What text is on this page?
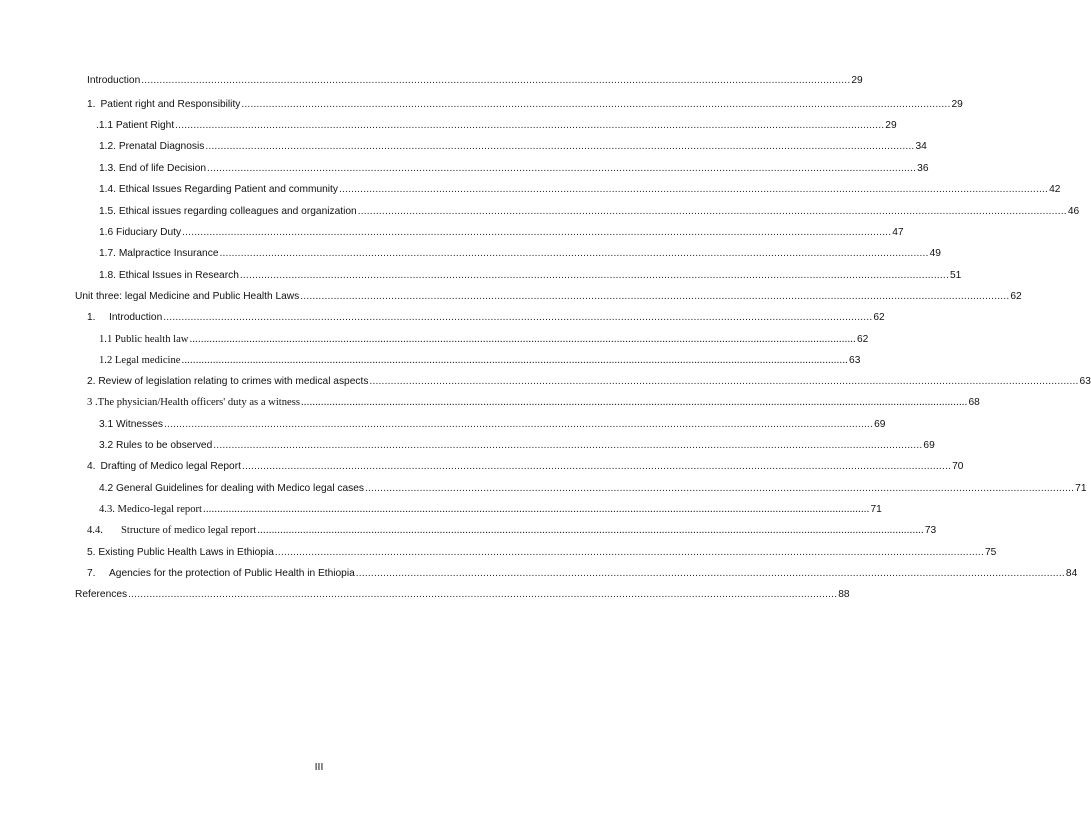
Introduction .......................................................................................................................................................................................................................................... 29
1. Patient right and Responsibility .......................................................................................................................................................................................................................................... 29
.1.1 Patient Right .......................................................................................................................................................................................................................................... 29
1.2. Prenatal Diagnosis .......................................................................................................................................................................................................................................... 34
1.3. End of life Decision .......................................................................................................................................................................................................................................... 36
1.4. Ethical Issues Regarding Patient and community .......................................................................................................................................................................................................................................... 42
1.5. Ethical issues regarding colleagues and organization .......................................................................................................................................................................................................................................... 46
1.6 Fiduciary Duty .......................................................................................................................................................................................................................................... 47
1.7. Malpractice Insurance .......................................................................................................................................................................................................................................... 49
1.8. Ethical Issues in Research .......................................................................................................................................................................................................................................... 51
Unit three: legal Medicine and Public Health Laws .......................................................................................................................................................................................................................................... 62
1.	Introduction .......................................................................................................................................................................................................................................... 62
1.1 Public health law .......................................................................................................................................................................................................................................... 62
1.2 Legal medicine .......................................................................................................................................................................................................................................... 63
2. Review of legislation relating to crimes with medical aspects .......................................................................................................................................................................................................................................... 63
3 .The physician/Health officers' duty as a witness .......................................................................................................................................................................................................................................... 68
3.1 Witnesses .......................................................................................................................................................................................................................................... 69
3.2 Rules to be observed .......................................................................................................................................................................................................................................... 69
4. Drafting of Medico legal Report .......................................................................................................................................................................................................................................... 70
4.2 General Guidelines for dealing with Medico legal cases .......................................................................................................................................................................................................................................... 71
4.3. Medico-legal report .......................................................................................................................................................................................................................................... 71
4.4.	Structure of medico legal report .......................................................................................................................................................................................................................................... 73
5. Existing Public Health Laws in Ethiopia .......................................................................................................................................................................................................................................... 75
7.	Agencies for the protection of Public Health in Ethiopia .......................................................................................................................................................................................................................................... 84
References .......................................................................................................................................................................................................................................... 88
III
